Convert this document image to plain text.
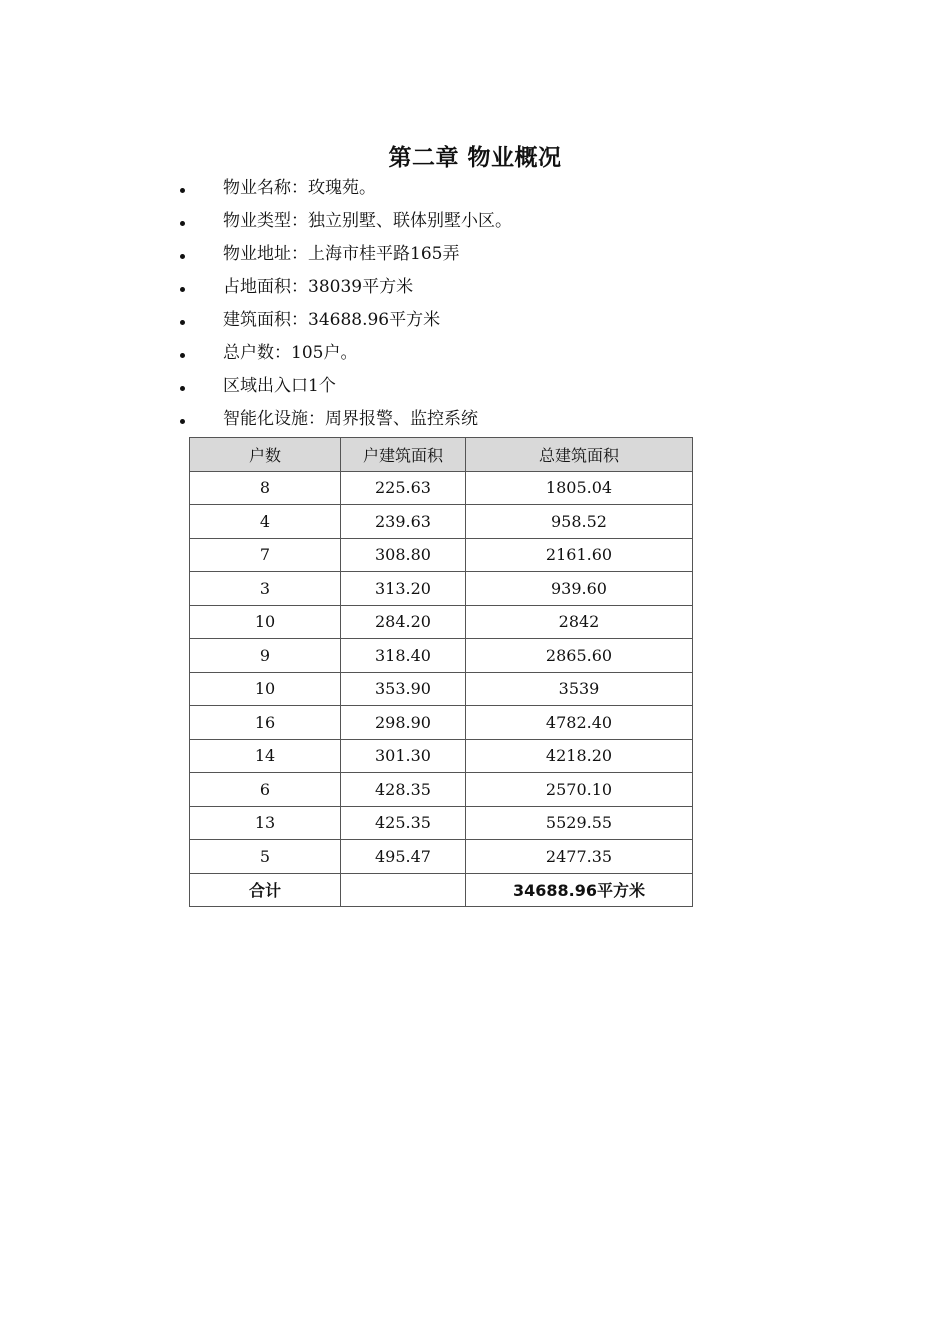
第二章 物业概况
物业名称：玫瑰苑。
物业类型：独立别墅、联体别墅小区。
物业地址：上海市桂平路165弄
占地面积：38039平方米
建筑面积：34688.96平方米
总户数：105户。
区域出入口1个
智能化设施：周界报警、监控系统
户数	户建筑面积	总建筑面积
8	225.63	1805.04
4	239.63	958.52
7	308.80	2161.60
3	313.20	939.60
10	284.20	2842
9	318.40	2865.60
10	353.90	3539
16	298.90	4782.40
14	301.30	4218.20
6	428.35	2570.10
13	425.35	5529.55
5	495.47	2477.35
合计		34688.96平方米
